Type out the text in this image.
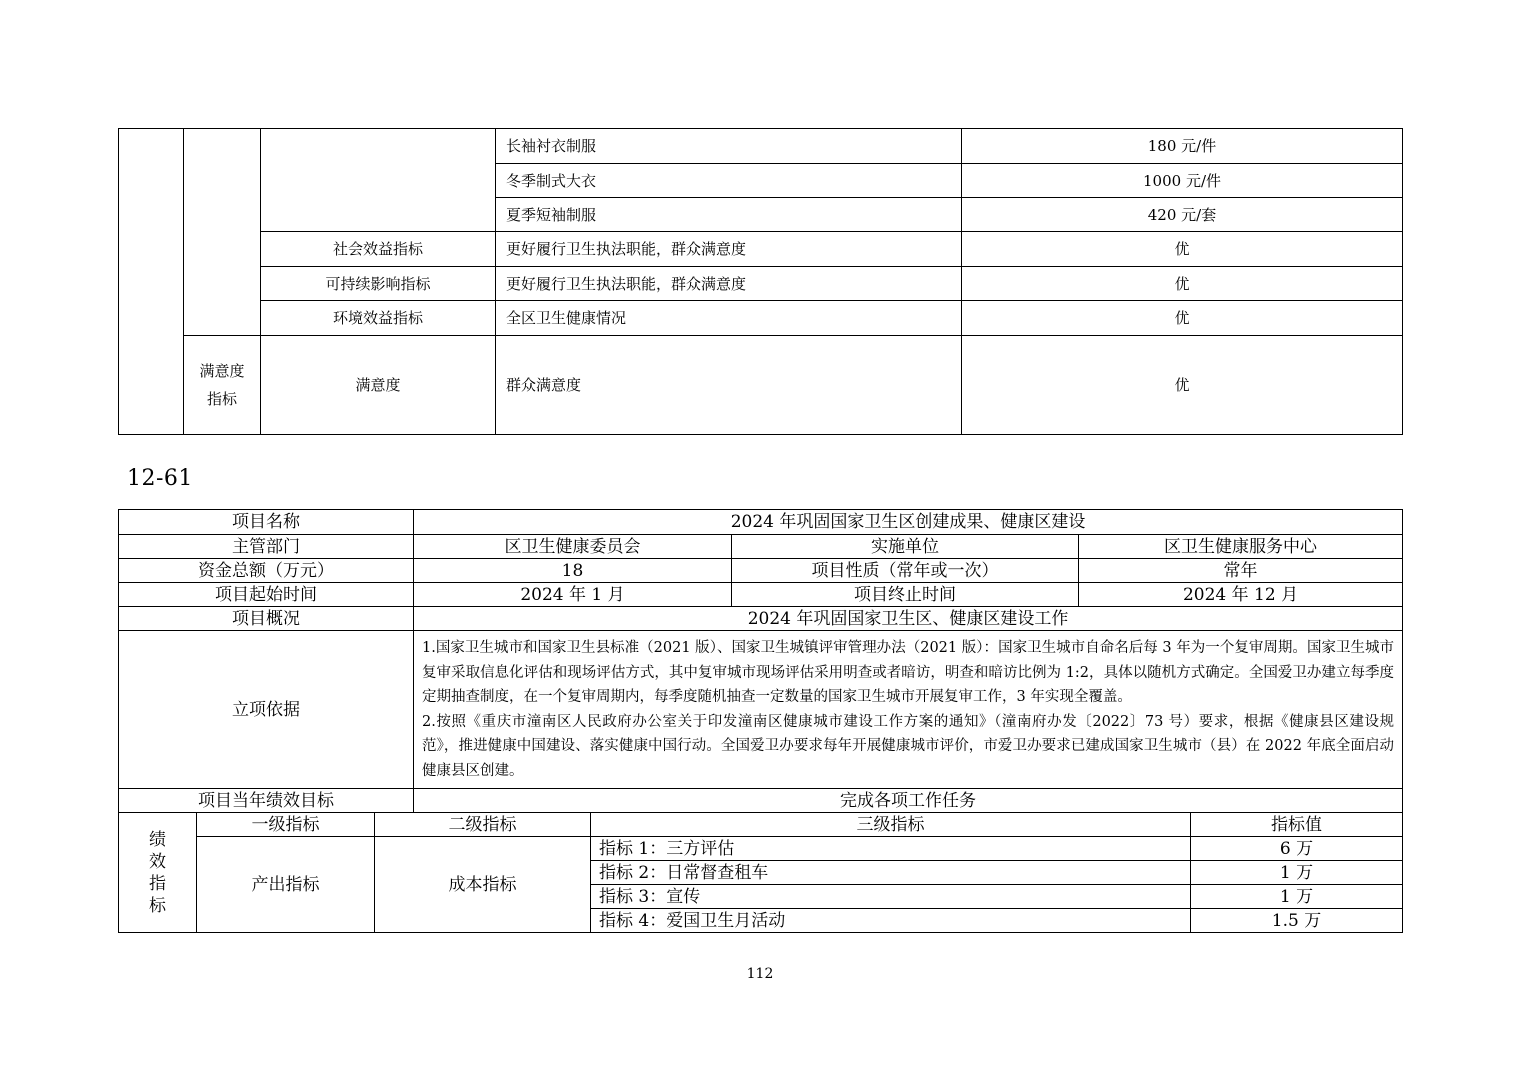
			长袖衬衣制服	180 元/件
			冬季制式大衣	1000 元/件
			夏季短袖制服	420 元/套
		社会效益指标	更好履行卫生执法职能，群众满意度	优
		可持续影响指标	更好履行卫生执法职能，群众满意度	优
		环境效益指标	全区卫生健康情况	优

	满意度
指标	满意度	群众满意度	优
12-61
项目名称			2024 年巩固国家卫生区创建成果、健康区建设				
主管部门			区卫生健康委员会		实施单位	区卫生健康服务中心	
资金总额（万元）			18		项目性质（常年或一次）	常年	
项目起始时间			2024 年 1 月		项目终止时间	2024 年 12 月	
项目概况			2024 年巩固国家卫生区、健康区建设工作				
立项依据			1.国家卫生城市和国家卫生县标准（2021 版）、国家卫生城镇评审管理办法（2021 版）：国家卫生城市自命名后每 3 年为一个复审周期。国家卫生城市复审采取信息化评估和现场评估方式，其中复审城市现场评估采用明查或者暗访，明查和暗访比例为 1:2，具体以随机方式确定。全国爱卫办建立每季度定期抽查制度，在一个复审周期内，每季度随机抽查一定数量的国家卫生城市开展复审工作，3 年实现全覆盖。
2.按照《重庆市潼南区人民政府办公室关于印发潼南区健康城市建设工作方案的通知》（潼南府办发〔2022〕73 号）要求，根据《健康县区建设规范》，推进健康中国建设、落实健康中国行动。全国爱卫办要求每年开展健康城市评价，市爱卫办要求已建成国家卫生城市（县）在 2022 年底全面启动健康县区创建。				

项目当年绩效目标			完成各项工作任务				

绩
效
指
标	一级指标	二级指标		三级指标			指标值
	产出指标	成本指标		指标 1：三方评估			6 万
				指标 2：日常督查租车			1 万
				指标 3：宣传			1 万
				指标 4：爱国卫生月活动			1.5 万
112
